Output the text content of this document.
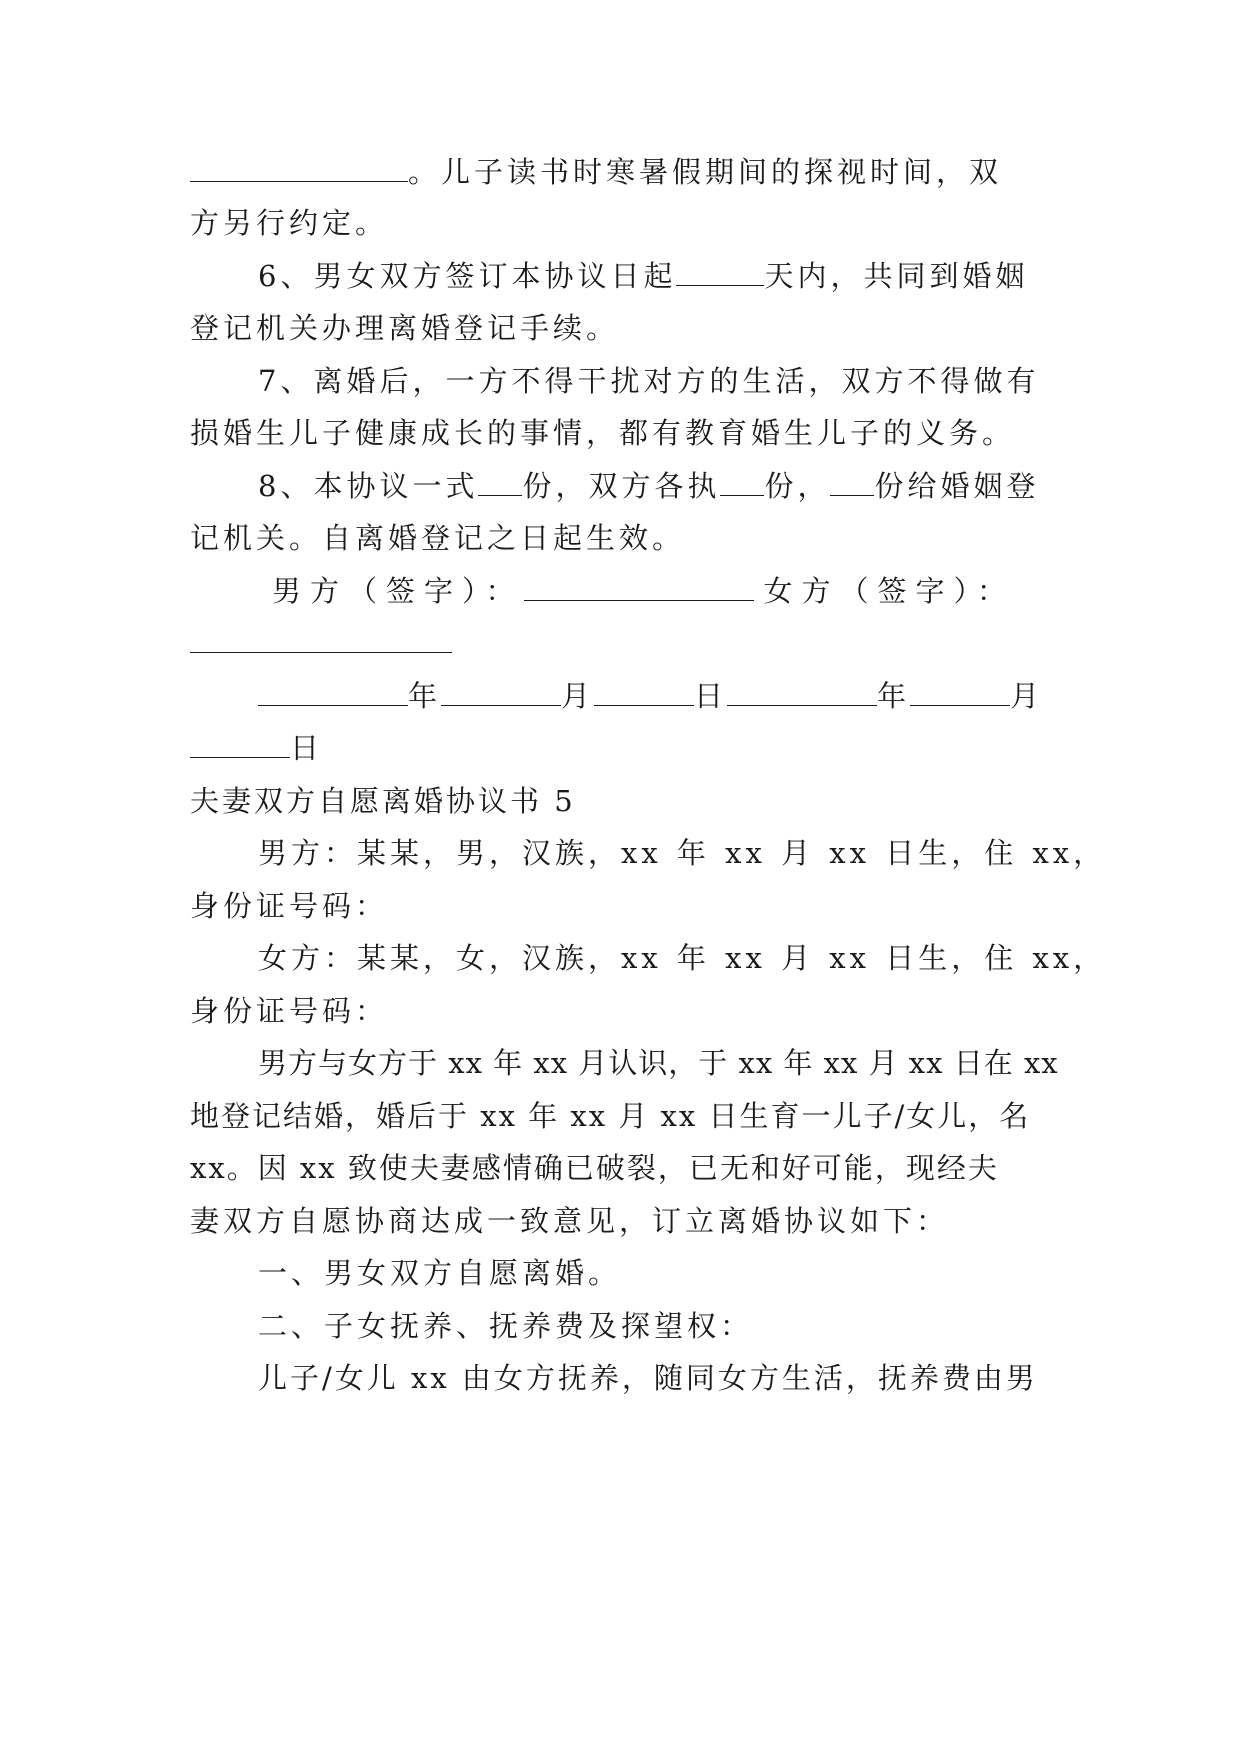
。儿子读书时寒暑假期间的探视时间，双
方另行约定。
6、男女双方签订本协议日起	天内，共同到婚姻
登记机关办理离婚登记手续。
7、离婚后，一方不得干扰对方的生活，双方不得做有
损婚生儿子健康成长的事情，都有教育婚生儿子的义务。
8、本协议一式 份，双方各执 份， 份给婚姻登
记机关。自离婚登记之日起生效。
男方（签字）：	女方（签字）：
年	月	日	年	月
日
夫妻双方自愿离婚协议书 5
男方：某某，男，汉族，xx 年 xx 月 xx 日生，住 xx，
身份证号码：
女方：某某，女，汉族，xx 年 xx 月 xx 日生，住 xx，
身份证号码：
男方与女方于 xx 年 xx 月认识，于 xx 年 xx 月 xx 日在 xx
地登记结婚，婚后于 xx 年 xx 月 xx 日生育一儿子/女儿，名
xx。因 xx 致使夫妻感情确已破裂，已无和好可能，现经夫
妻双方自愿协商达成一致意见，订立离婚协议如下：
一、男女双方自愿离婚。
二、子女抚养、抚养费及探望权：
儿子/女儿 xx 由女方抚养，随同女方生活，抚养费由男
